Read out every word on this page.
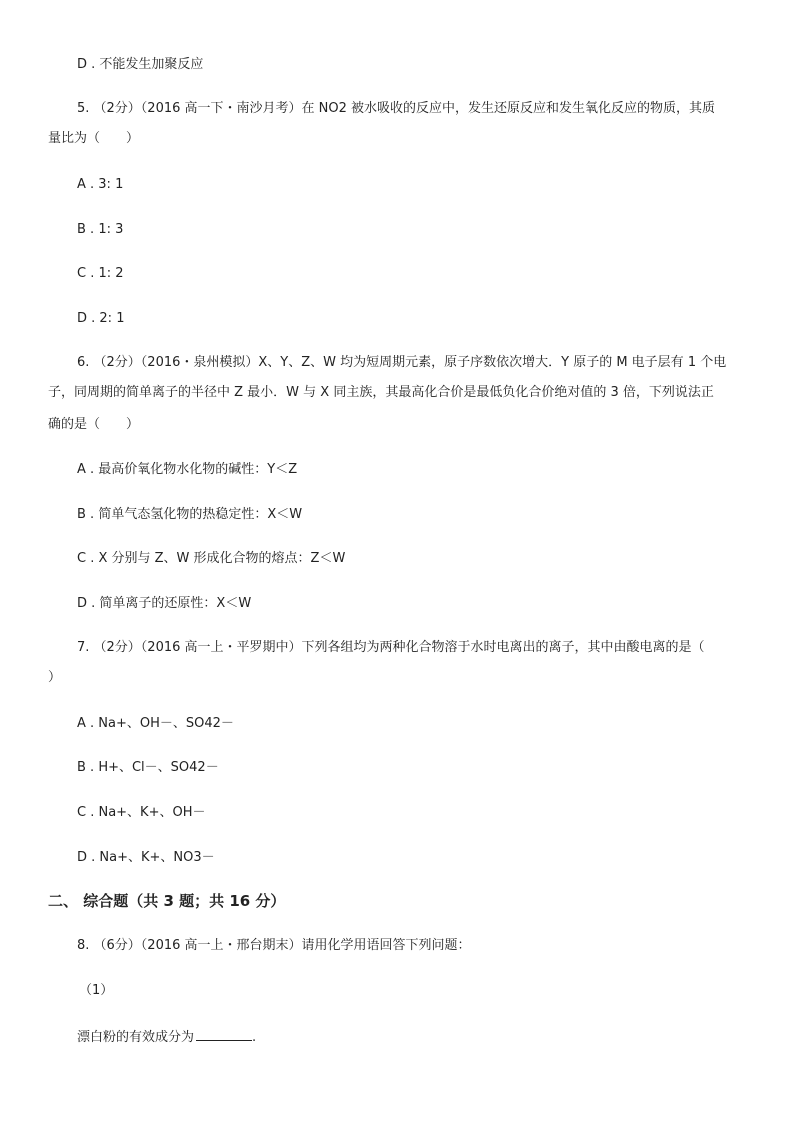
D . 不能发生加聚反应
5. （2分）（2016 高一下・南沙月考）在 NO2 被水吸收的反应中，发生还原反应和发生氧化反应的物质，其质
量比为（　　）
A . 3: 1
B . 1: 3
C . 1: 2
D . 2: 1
6. （2分）（2016・泉州模拟）X、Y、Z、W 均为短周期元素，原子序数依次增大．Y 原子的 M 电子层有 1 个电
子，同周期的简单离子的半径中 Z 最小．W 与 X 同主族，其最高化合价是最低负化合价绝对值的 3 倍，下列说法正
确的是（　　）
A . 最高价氧化物水化物的碱性：Y＜Z
B . 简单气态氢化物的热稳定性：X＜W
C . X 分别与 Z、W 形成化合物的熔点：Z＜W
D . 简单离子的还原性：X＜W
7. （2分）（2016 高一上・平罗期中）下列各组均为两种化合物溶于水时电离出的离子，其中由酸电离的是（
）
A . Na+、OH－、SO42－
B . H+、Cl－、SO42－
C . Na+、K+、OH－
D . Na+、K+、NO3－
二、 综合题（共 3 题；共 16 分）
8. （6分）（2016 高一上・邢台期末）请用化学用语回答下列问题：
（1）
漂白粉的有效成分为	.
